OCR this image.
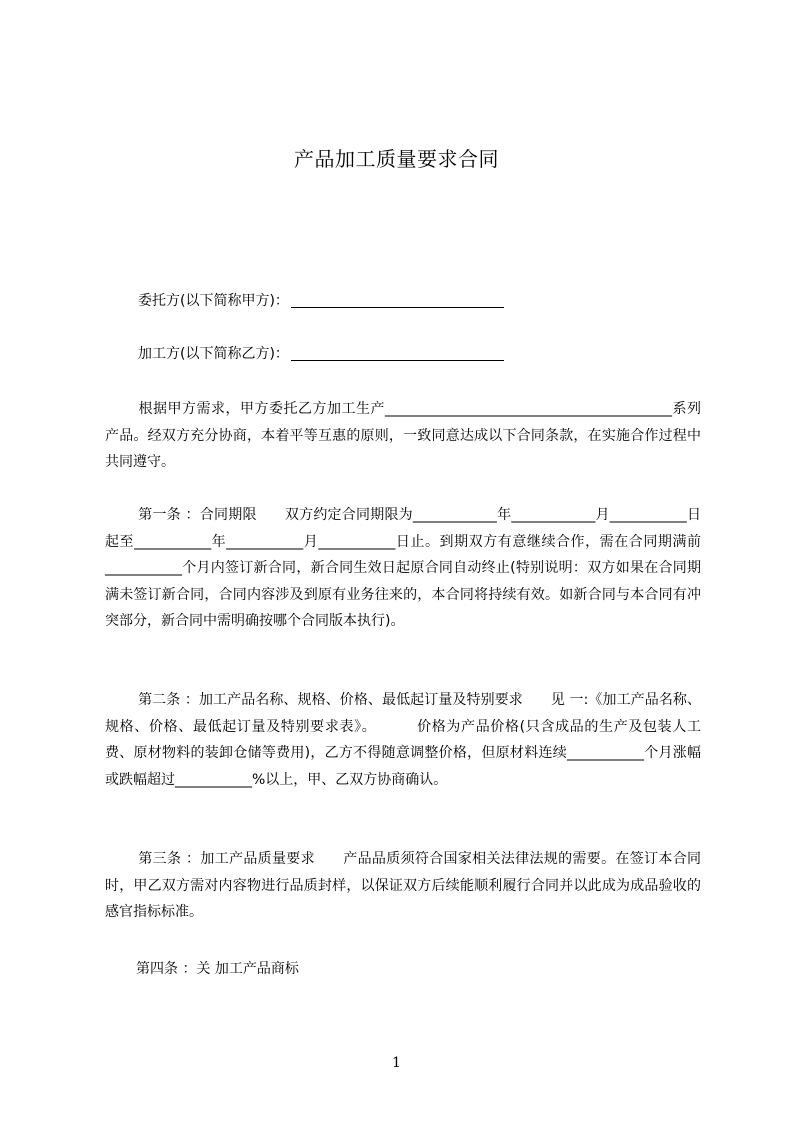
产品加工质量要求合同
委托方(以下简称甲方)：
加工方(以下简称乙方)：
根据甲方需求，甲方委托乙方加工生产_________________________________________系列产品。经双方充分协商，本着平等互惠的原则，一致同意达成以下合同条款，在实施合作过程中共同遵守。
第一条 ：合同期限 双方约定合同期限为____________年____________月___________日起至___________年___________月___________日止。到期双方有意继续合作，需在合同期满前___________个月内签订新合同，新合同生效日起原合同自动终止(特别说明：双方如果在合同期满未签订新合同，合同内容涉及到原有业务往来的，本合同将持续有效。如新合同与本合同有冲突部分，新合同中需明确按哪个合同版本执行)。
第二条 ：加工产品名称、规格、价格、最低起订量及特别要求 见 一:《加工产品名称、规格、价格、最低起订量及特别要求表》。	价格为产品价格(只含成品的生产及包装人工费、原材物料的装卸仓储等费用)，乙方不得随意调整价格，但原材料连续___________个月涨幅或跌幅超过___________%以上，甲、乙双方协商确认。
第三条 ：加工产品质量要求 产品品质须符合国家相关法律法规的需要。在签订本合同时，甲乙双方需对内容物进行品质封样，以保证双方后续能顺利履行合同并以此成为成品验收的感官指标标准。
第四条 ：关 加工产品商标
1
